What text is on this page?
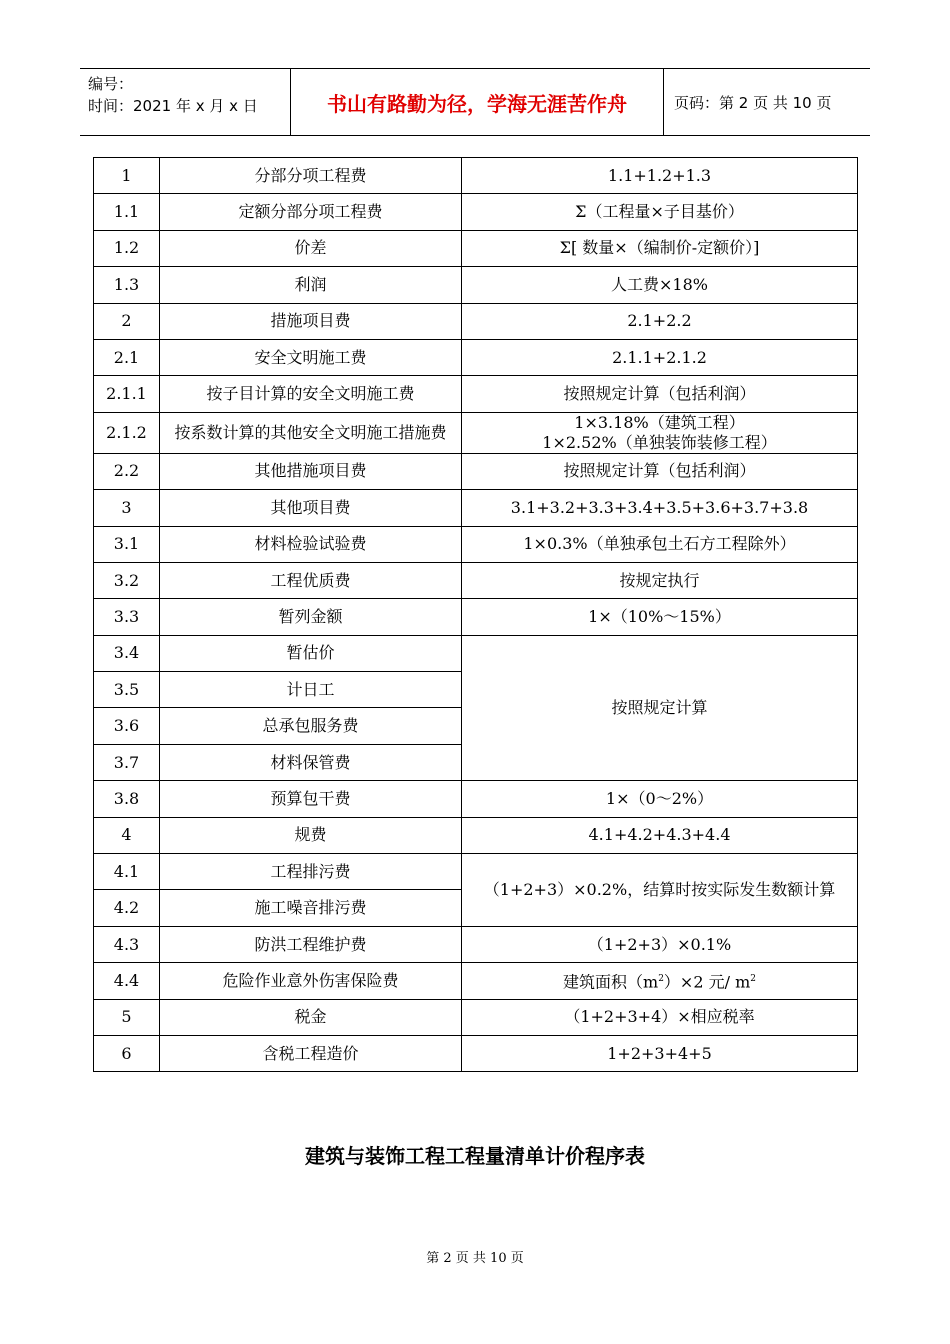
编号：
时间：2021 年 x 月 x 日	书山有路勤为径，学海无涯苦作舟	页码：第 2 页 共 10 页
1	分部分项工程费	1.1+1.2+1.3
1.1	定额分部分项工程费	Σ（工程量×子目基价）
1.2	价差	Σ[ 数量×（编制价-定额价）]
1.3	利润	人工费×18%
2	措施项目费	2.1+2.2
2.1	安全文明施工费	2.1.1+2.1.2
2.1.1	按子目计算的安全文明施工费	按照规定计算（包括利润）
2.1.2	按系数计算的其他安全文明施工措施费	1×3.18%（建筑工程）
1×2.52%（单独装饰装修工程）

2.2	其他措施项目费	按照规定计算（包括利润）
3	其他项目费	3.1+3.2+3.3+3.4+3.5+3.6+3.7+3.8
3.1	材料检验试验费	1×0.3%（单独承包土石方工程除外）
3.2	工程优质费	按规定执行
3.3	暂列金额	1×（10%～15%）
3.4	暂估价	按照规定计算
3.5	计日工	
3.6	总承包服务费	
3.7	材料保管费	
3.8	预算包干费	1×（0～2%）
4	规费	4.1+4.2+4.3+4.4
4.1	工程排污费	（1+2+3）×0.2%，结算时按实际发生数额计算
4.2	施工噪音排污费	
4.3	防洪工程维护费	（1+2+3）×0.1%
4.4	危险作业意外伤害保险费	建筑面积$(m^2)\times 2$ 元/ $m^2$
5	税金	（1+2+3+4）×相应税率
6	含税工程造价	1+2+3+4+5
建筑与装饰工程工程量清单计价程序表
第 2 页 共 10 页
